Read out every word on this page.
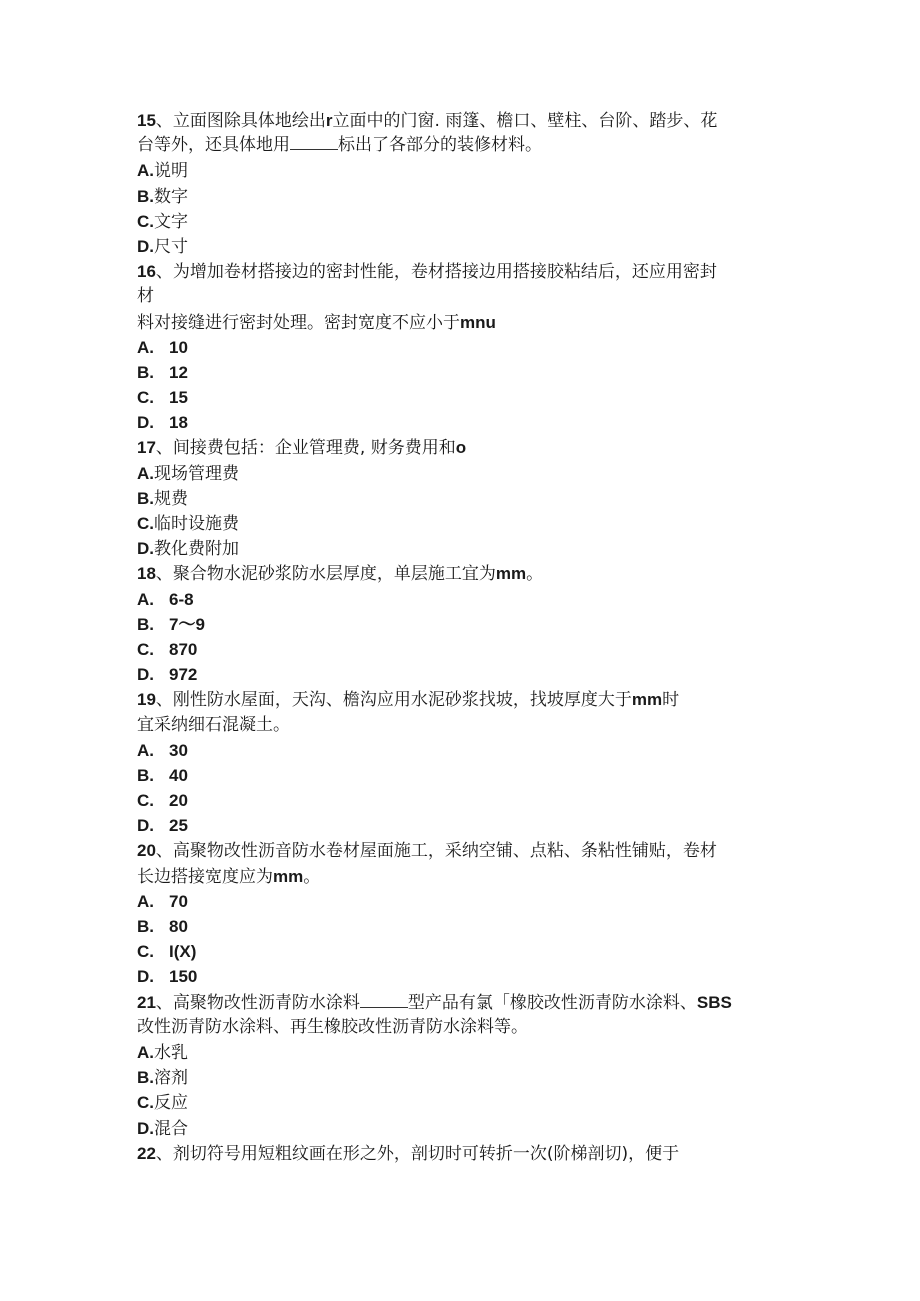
15、立面图除具体地绘出r立面中的门窗. 雨篷、檐口、壁柱、台阶、踏步、花
台等外，还具体地用	标出了各部分的装修材料。
A.说明
B.数字
C.文字
D.尺寸
16、为增加卷材搭接边的密封性能，卷材搭接边用搭接胶粘结后，还应用密封
材
料对接缝进行密封处理。密封宽度不应小于mnu
A. 10
B. 12
C. 15
D. 18
17、间接费包括：企业管理费, 财务费用和o
A.现场管理费
B.规费
C.临时设施费
D.教化费附加
18、聚合物水泥砂浆防水层厚度，单层施工宜为mm。
A. 6-8
B. 7〜9
C. 870
D. 972
19、刚性防水屋面，天沟、檐沟应用水泥砂浆找坡，找坡厚度大于mm时
宜采纳细石混凝土。
A. 30
B. 40
C. 20
D. 25
20、高聚物改性沥音防水卷材屋面施工，采纳空铺、点粘、条粘性铺贴，卷材
长边搭接宽度应为mm。
A. 70
B. 80
C. I(X)
D. 150
21、高聚物改性沥青防水涂料	型产品有氯「橡胶改性沥青防水涂料、SBS
改性沥青防水涂料、再生橡胶改性沥青防水涂料等。
A.水乳
B.溶剂
C.反应
D.混合
22、剂切符号用短粗纹画在形之外，剖切时可转折一次(阶梯剖切)，便于
